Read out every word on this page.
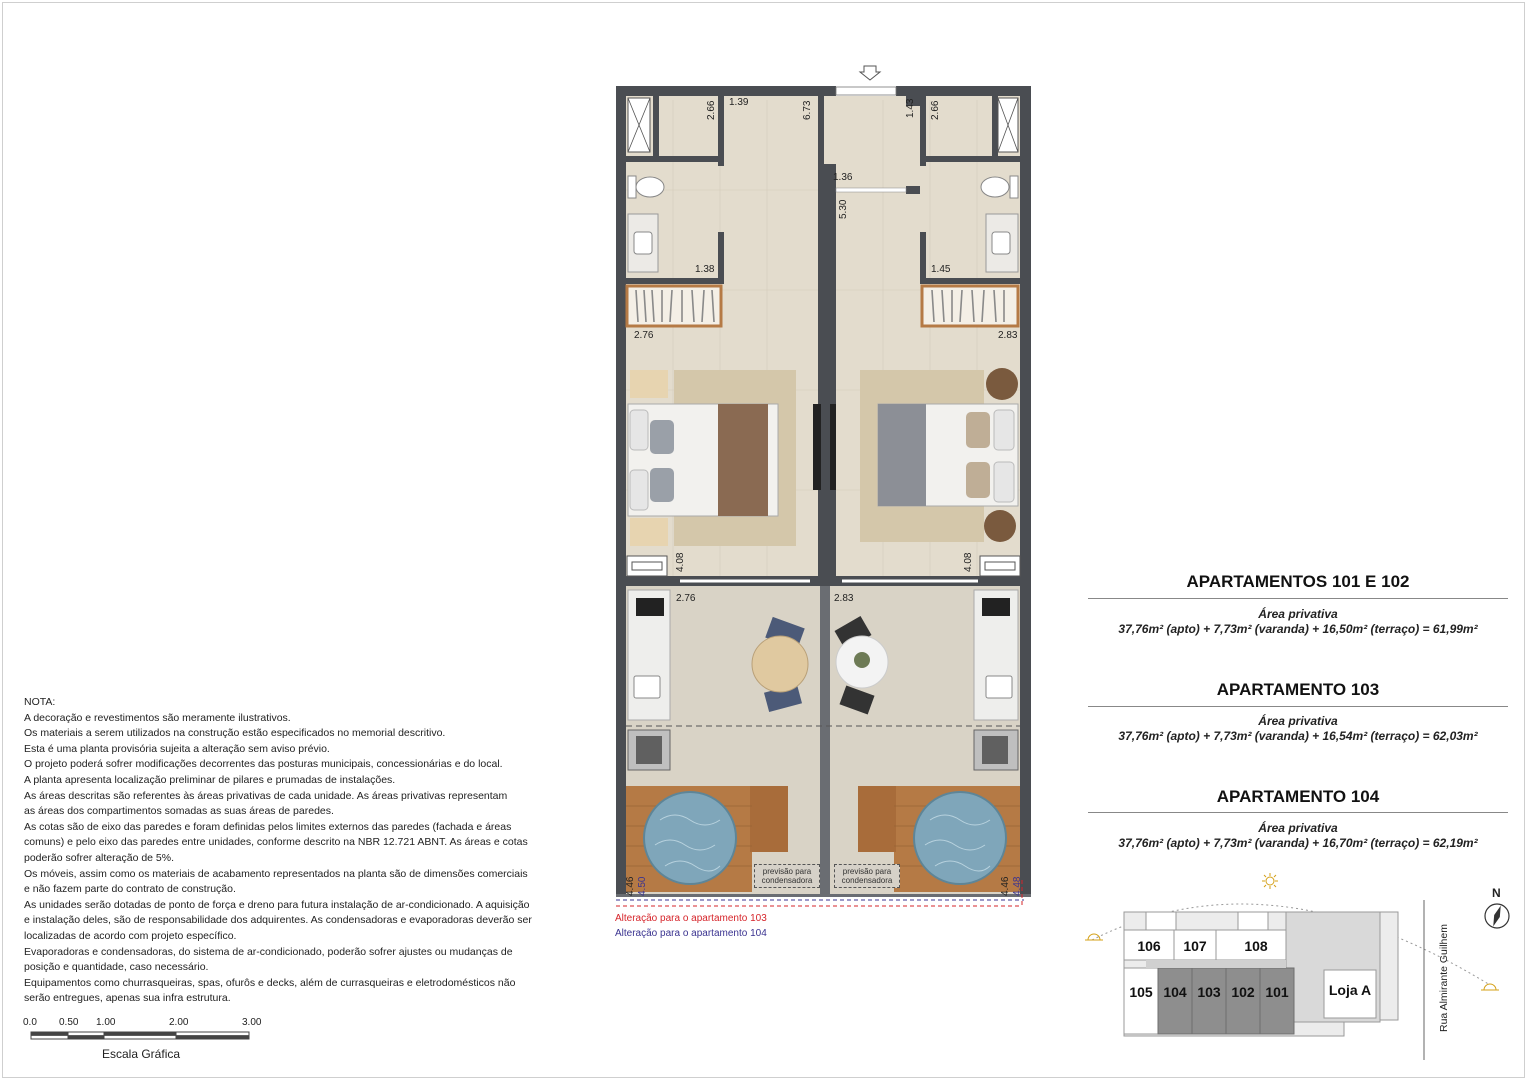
2.66 1.39	6.73	1.43 2.66
1.36
5.30
1.38	1.45
2.76	2.83
4.08	4.08
2.76	2.83
4.46 4.50	4.46 4.48
previsão para condensadora
previsão para condensadora
Alteração para o apartamento 103
Alteração para o apartamento 104
NOTA:
A decoração e revestimentos são meramente ilustrativos.
Os materiais a serem utilizados na construção estão especificados no memorial descritivo.
Esta é uma planta provisória sujeita a alteração sem aviso prévio.
O projeto poderá sofrer modificações decorrentes das posturas municipais, concessionárias e do local.
A planta apresenta localização preliminar de pilares e prumadas de instalações.
As áreas descritas são referentes às áreas privativas de cada unidade. As áreas privativas representam
as áreas dos compartimentos somadas as suas áreas de paredes.
As cotas são de eixo das paredes e foram definidas pelos limites externos das paredes (fachada e áreas
comuns) e pelo eixo das paredes entre unidades, conforme descrito na NBR 12.721 ABNT. As áreas e cotas
poderão sofrer alteração de 5%.
Os móveis, assim como os materiais de acabamento representados na planta são de dimensões comerciais
e não fazem parte do contrato de construção.
As unidades serão dotadas de ponto de força e dreno para futura instalação de ar-condicionado. A aquisição
e instalação deles, são de responsabilidade dos adquirentes. As condensadoras e evaporadoras deverão ser
localizadas de acordo com projeto específico.
Evaporadoras e condensadoras, do sistema de ar-condicionado, poderão sofrer ajustes ou mudanças de
posição e quantidade, caso necessário.
Equipamentos como churrasqueiras, spas, ofurôs e decks, além de currasqueiras e eletrodomésticos não
serão entregues, apenas sua infra estrutura.
0.0 0.50 1.00	2.00	3.00
Escala Gráfica
APARTAMENTOS 101 E 102
Área privativa
37,76m² (apto) + 7,73m² (varanda) + 16,50m² (terraço) = 61,99m²
APARTAMENTO 103
Área privativa
37,76m² (apto) + 7,73m² (varanda) + 16,54m² (terraço) = 62,03m²
APARTAMENTO 104
Área privativa
37,76m² (apto) + 7,73m² (varanda) + 16,70m² (terraço) = 62,19m²
106	107	108
105 104 103 102 101	Loja A	Rua Almirante Guilhem
N
